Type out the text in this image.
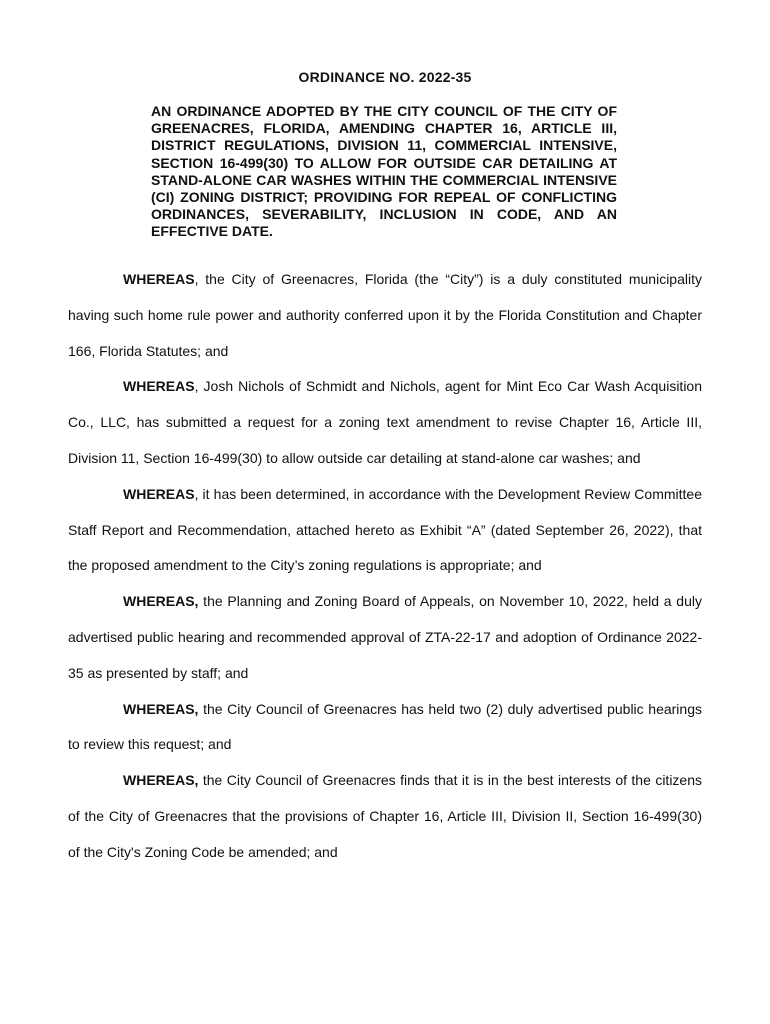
ORDINANCE NO. 2022-35
AN ORDINANCE ADOPTED BY THE CITY COUNCIL OF THE CITY OF GREENACRES, FLORIDA, AMENDING CHAPTER 16, ARTICLE III, DISTRICT REGULATIONS, DIVISION 11, COMMERCIAL INTENSIVE, SECTION 16-499(30) TO ALLOW FOR OUTSIDE CAR DETAILING AT STAND-ALONE CAR WASHES WITHIN THE COMMERCIAL INTENSIVE (CI) ZONING DISTRICT; PROVIDING FOR REPEAL OF CONFLICTING ORDINANCES, SEVERABILITY, INCLUSION IN CODE, AND AN EFFECTIVE DATE.

WHEREAS, the City of Greenacres, Florida (the “City”) is a duly constituted municipality having such home rule power and authority conferred upon it by the Florida Constitution and Chapter 166, Florida Statutes; and

WHEREAS, Josh Nichols of Schmidt and Nichols, agent for Mint Eco Car Wash Acquisition Co., LLC, has submitted a request for a zoning text amendment to revise Chapter 16, Article III, Division 11, Section 16-499(30) to allow outside car detailing at stand-alone car washes; and

WHEREAS, it has been determined, in accordance with the Development Review Committee Staff Report and Recommendation, attached hereto as Exhibit “A” (dated September 26, 2022), that the proposed amendment to the City’s zoning regulations is appropriate; and

WHEREAS, the Planning and Zoning Board of Appeals, on November 10, 2022, held a duly advertised public hearing and recommended approval of ZTA-22-17 and adoption of Ordinance 2022-35 as presented by staff; and

WHEREAS, the City Council of Greenacres has held two (2) duly advertised public hearings to review this request; and

WHEREAS, the City Council of Greenacres finds that it is in the best interests of the citizens of the City of Greenacres that the provisions of Chapter 16, Article III, Division II, Section 16-499(30) of the City's Zoning Code be amended; and
